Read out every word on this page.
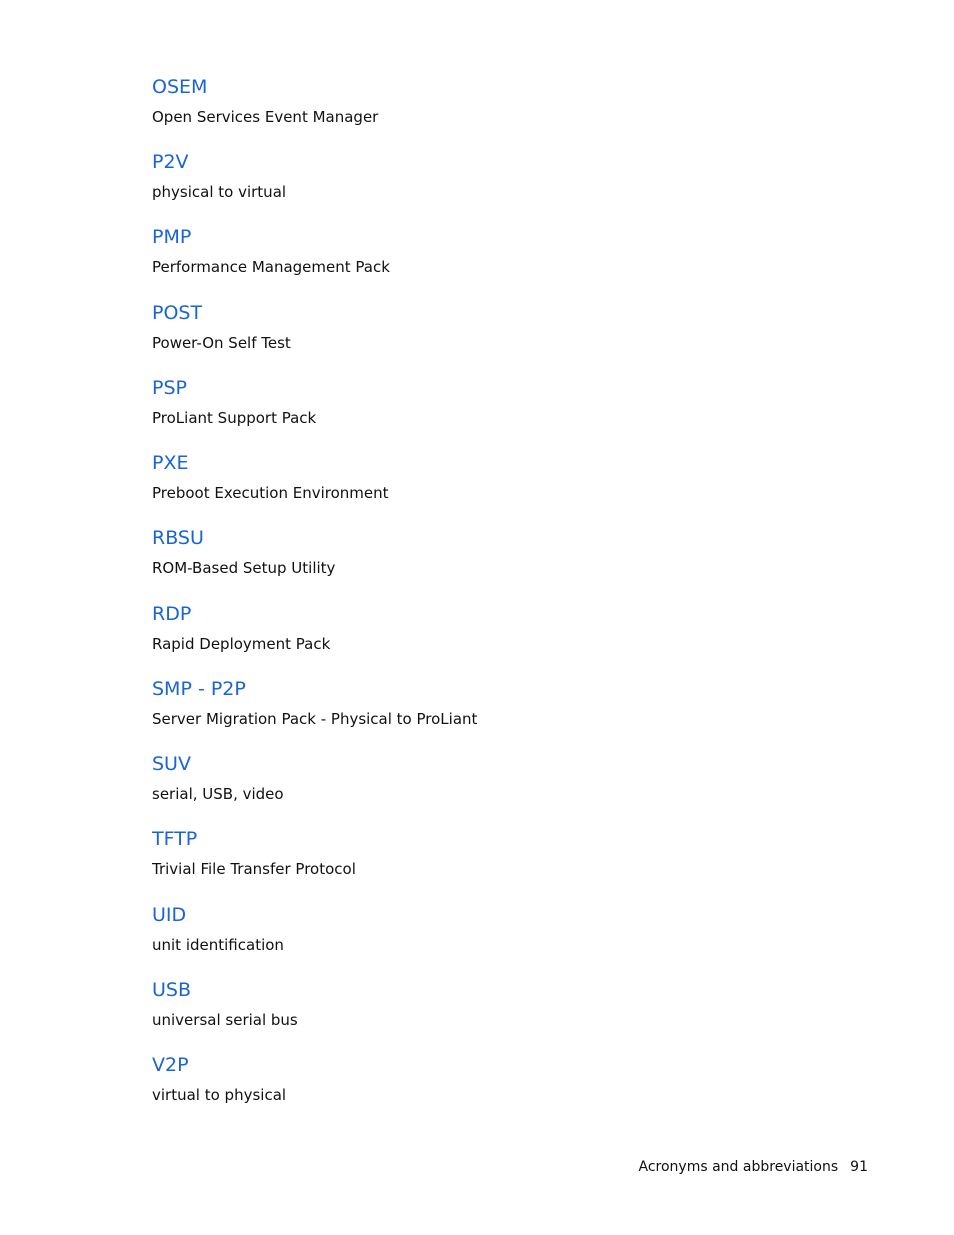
OSEM
Open Services Event Manager
P2V
physical to virtual
PMP
Performance Management Pack
POST
Power-On Self Test
PSP
ProLiant Support Pack
PXE
Preboot Execution Environment
RBSU
ROM-Based Setup Utility
RDP
Rapid Deployment Pack
SMP - P2P
Server Migration Pack - Physical to ProLiant
SUV
serial, USB, video
TFTP
Trivial File Transfer Protocol
UID
unit identification
USB
universal serial bus
V2P
virtual to physical
Acronyms and abbreviations 91
